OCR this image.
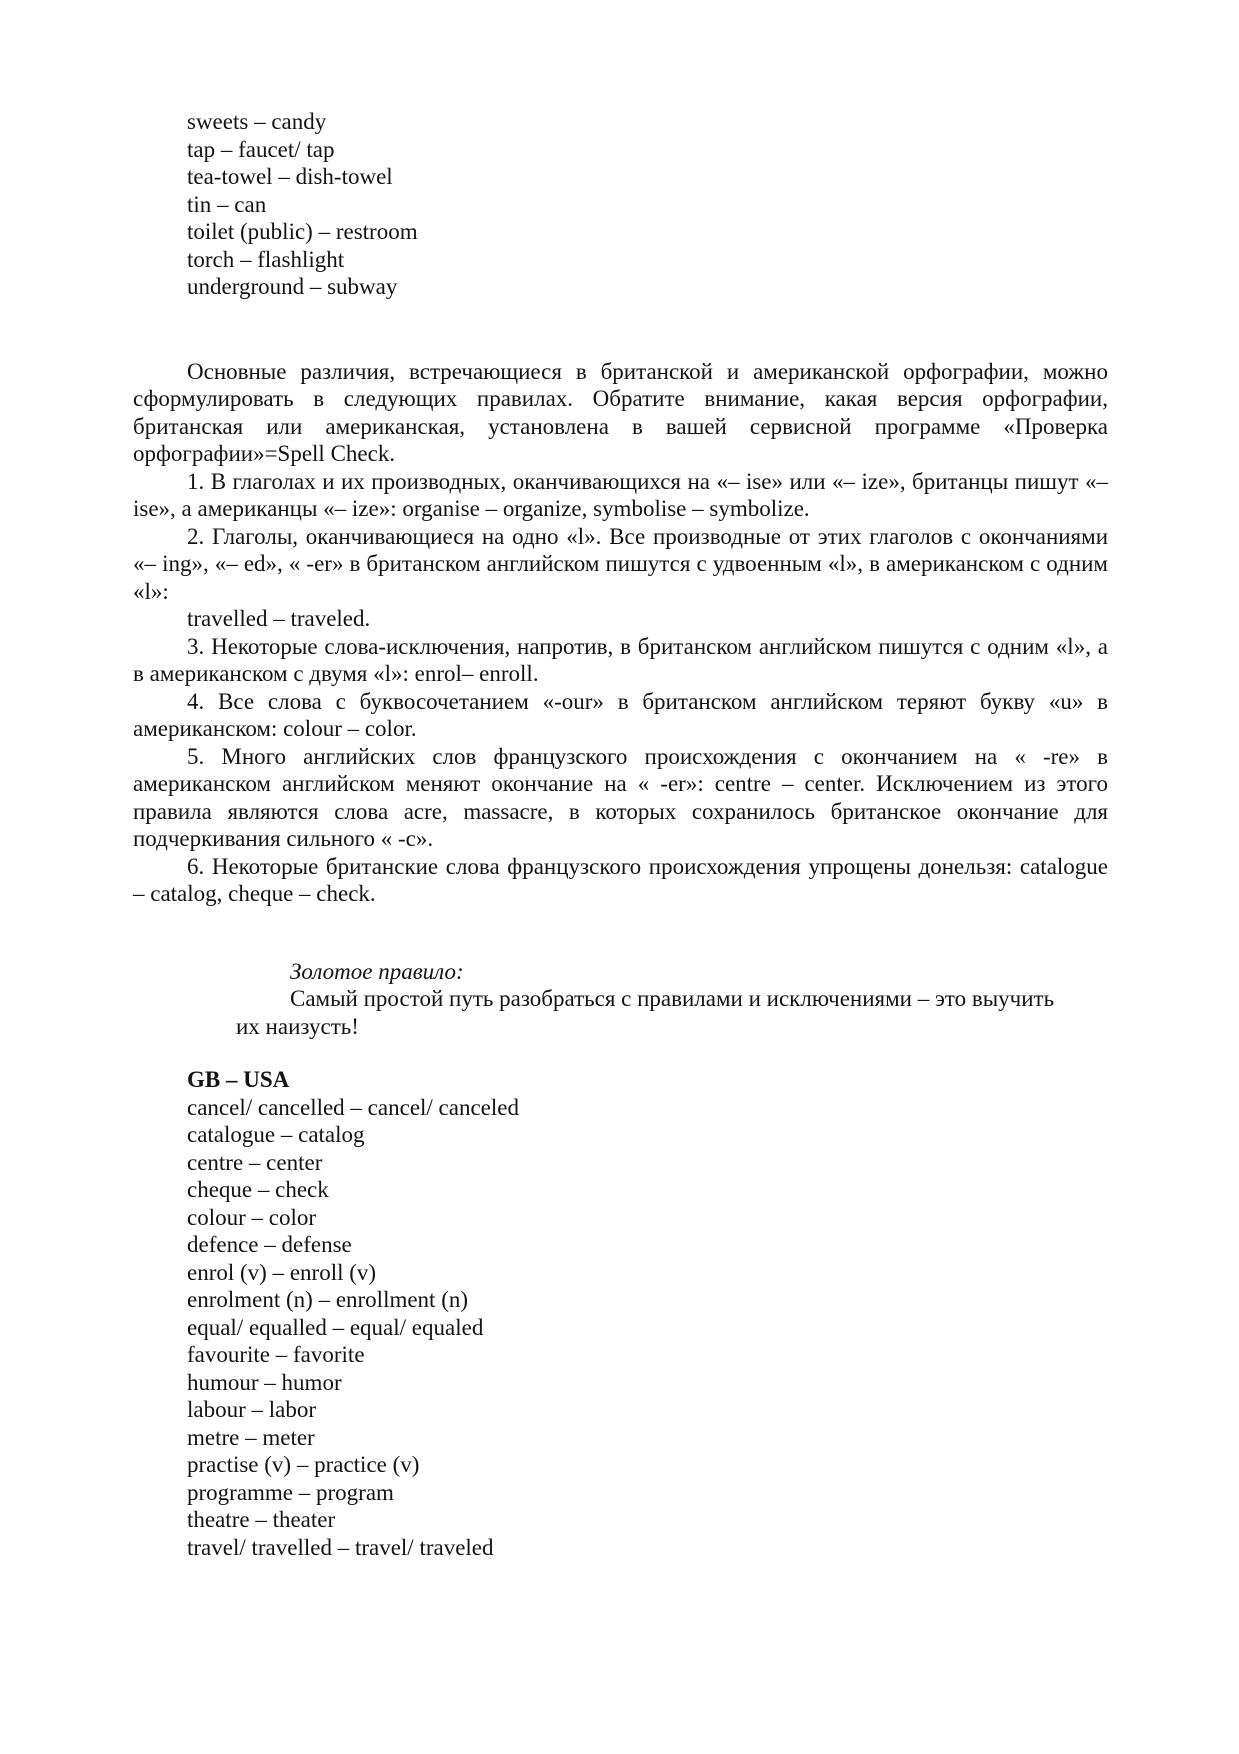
sweets – candy

tap – faucet/ tap

tea-towel – dish-towel

tin – can

toilet (public) – restroom

torch – flashlight

underground – subway

Основные различия, встречающиеся в британской и американской орфографии, можно сформулировать в следующих правилах. Обратите внимание, какая версия орфографии, британская или американская, установлена в вашей сервисной программе «Проверка орфографии»=Spell Check.

1. В глаголах и их производных, оканчивающихся на «– ise» или «– ize», британцы пишут «– ise», а американцы «– ize»: organise – organize, symbolise – symbolize.

2. Глаголы, оканчивающиеся на одно «l». Все производные от этих глаголов с окончаниями «– ing», «– ed», « -er» в британском английском пишутся с удвоенным «l», в американском с одним «l»:

travelled – traveled.

3. Некоторые слова-исключения, напротив, в британском английском пишутся с одним «l», а в американском с двумя «l»: enrol– enroll.

4. Все слова с буквосочетанием «-our» в британском английском теряют букву «u» в американском: colour – color.

5. Много английских слов французского происхождения с окончанием на « -re» в американском английском меняют окончание на « -er»: centre – center. Исключением из этого правила являются слова acre, massacre, в которых сохранилось британское окончание для подчеркивания сильного « -c».

6. Некоторые британские слова французского происхождения упрощены донельзя: catalogue – catalog, cheque – check.

Золотое правило:

Самый простой путь разобраться с правилами и исключениями – это выучить

их наизусть!

GB – USA

cancel/ cancelled – cancel/ canceled

catalogue – catalog

centre – center

cheque – check

colour – color

defence – defense

enrol (v) – enroll (v)

enrolment (n) – enrollment (n)

equal/ equalled – equal/ equaled

favourite – favorite

humour – humor

labour – labor

metre – meter

practise (v) – practice (v)

programme – program

theatre – theater

travel/ travelled – travel/ traveled
